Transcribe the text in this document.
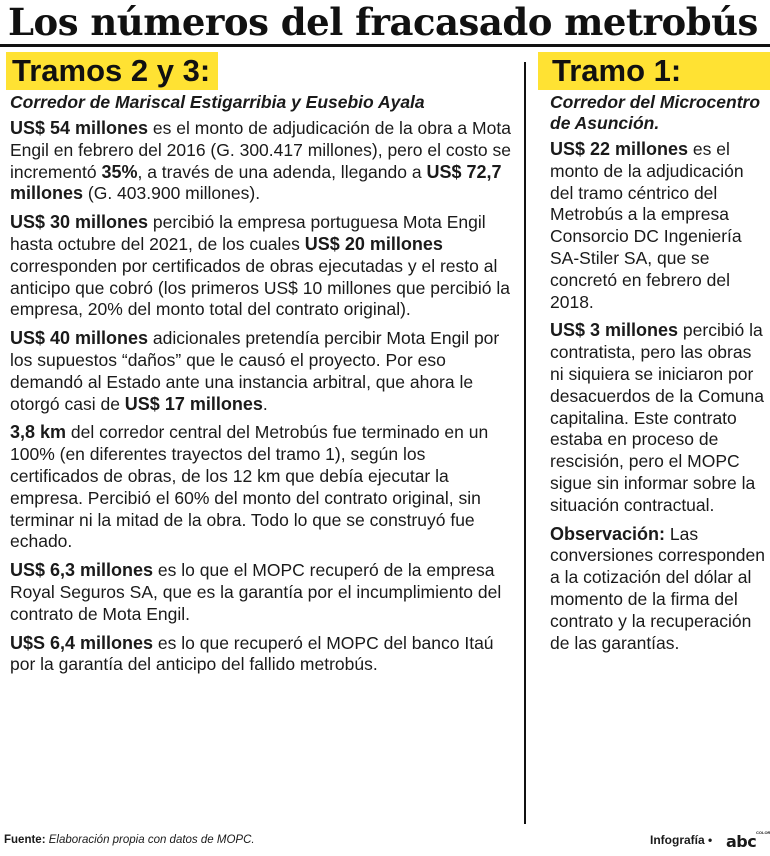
Los números del fracasado metrobús
Tramos 2 y 3:	Tramo 1:

Corredor de Mariscal Estigarribia y Eusebio Ayala

US$ 54 millones es el monto de adjudicación de la obra a Mota Engil en febrero del 2016 (G. 300.417 millones), pero el costo se incrementó 35%, a través de una adenda, llegando a US$ 72,7 millones (G. 403.900 millones).

US$ 30 millones percibió la empresa portuguesa Mota Engil hasta octubre del 2021, de los cuales US$ 20 millones corresponden por certificados de obras ejecutadas y el resto al anticipo que cobró (los primeros US$ 10 millones que percibió la empresa, 20% del monto total del contrato original).

US$ 40 millones adicionales pretendía percibir Mota Engil por los supuestos “daños” que le causó el proyecto. Por eso demandó al Estado ante una instancia arbitral, que ahora le otorgó casi de US$ 17 millones.

3,8 km del corredor central del Metrobús fue terminado en un 100% (en diferentes trayectos del tramo 1), según los certificados de obras, de los 12 km que debía ejecutar la empresa. Percibió el 60% del monto del contrato original, sin terminar ni la mitad de la obra. Todo lo que se construyó fue echado.

US$ 6,3 millones es lo que el MOPC recuperó de la empresa Royal Seguros SA, que es la garantía por el incumplimiento del contrato de Mota Engil.

U$S 6,4 millones es lo que recuperó el MOPC del banco Itaú por la garantía del anticipo del fallido metrobús.

Corredor del Microcentro de Asunción.

US$ 22 millones es el monto de la adjudicación del tramo céntrico del Metrobús a la empresa Consorcio DC Ingeniería SA-Stiler SA, que se concretó en febrero del 2018.

US$ 3 millones percibió la contratista, pero las obras ni siquiera se iniciaron por desacuerdos de la Comuna capitalina. Este contrato estaba en proceso de rescisión, pero el MOPC sigue sin informar sobre la situación contractual.

Observación: Las conversiones corresponden a la cotización del dólar al momento de la firma del contrato y la recuperación de las garantías.

Fuente: Elaboración propia con datos de MOPC.	Infografía • abc COLOR
